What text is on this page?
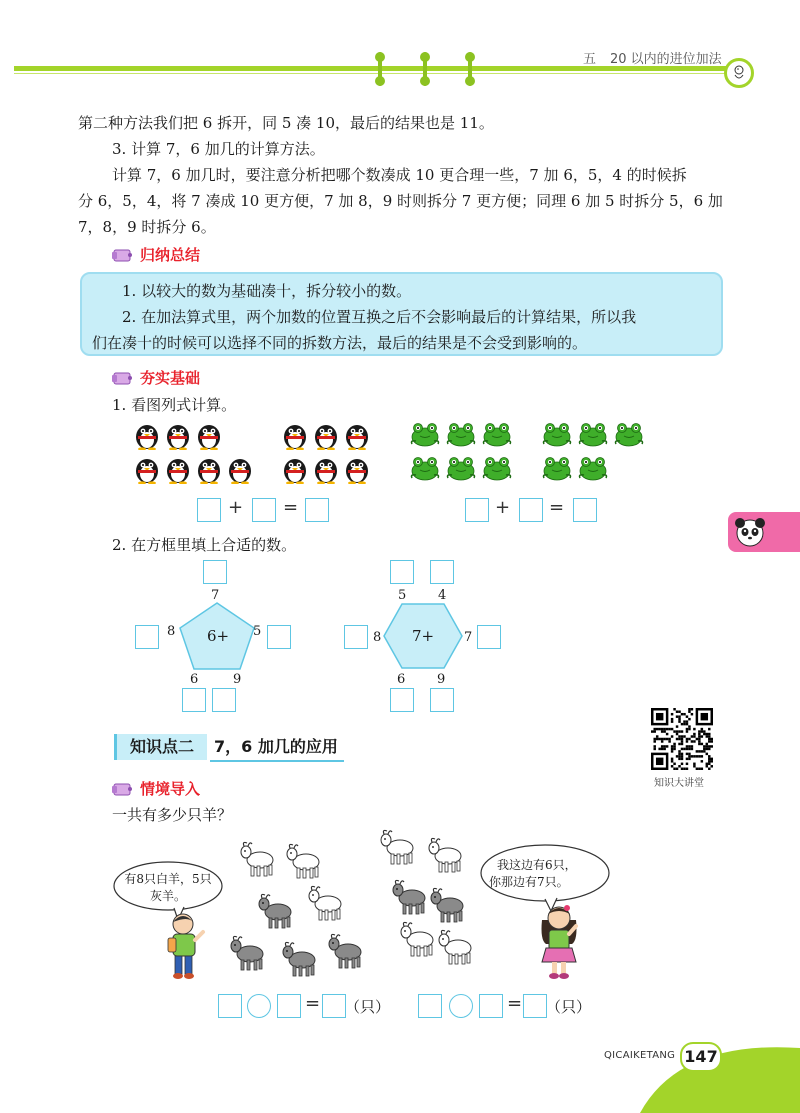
五 20 以内的进位加法
第二种方法我们把 6 拆开，同 5 凑 10，最后的结果也是 11。
3. 计算 7，6 加几的计算方法。
计算 7，6 加几时，要注意分析把哪个数凑成 10 更合理一些，7 加 6，5，4 的时候拆
分 6，5，4，将 7 凑成 10 更方便，7 加 8，9 时则拆分 7 更方便；同理 6 加 5 时拆分 5，6 加
7，8，9 时拆分 6。
归纳总结
1. 以较大的数为基础凑十，拆分较小的数。
2. 在加法算式里，两个加数的位置互换之后不会影响最后的计算结果，所以我
们在凑十的时候可以选择不同的拆数方法，最后的结果是不会受到影响的。
夯实基础
1. 看图列式计算。
+ =	+ =
2. 在方框里填上合适的数。
7
6+
8	5
6	9
5 4
7+
8	7
6 9
知识点二	7，6 加几的应用
知识大讲堂
情境导入
一共有多少只羊？
有8只白羊，5只灰羊。
我这边有6只，
你那边有7只。
= （只）	= （只）
QICAIKETANG 147
